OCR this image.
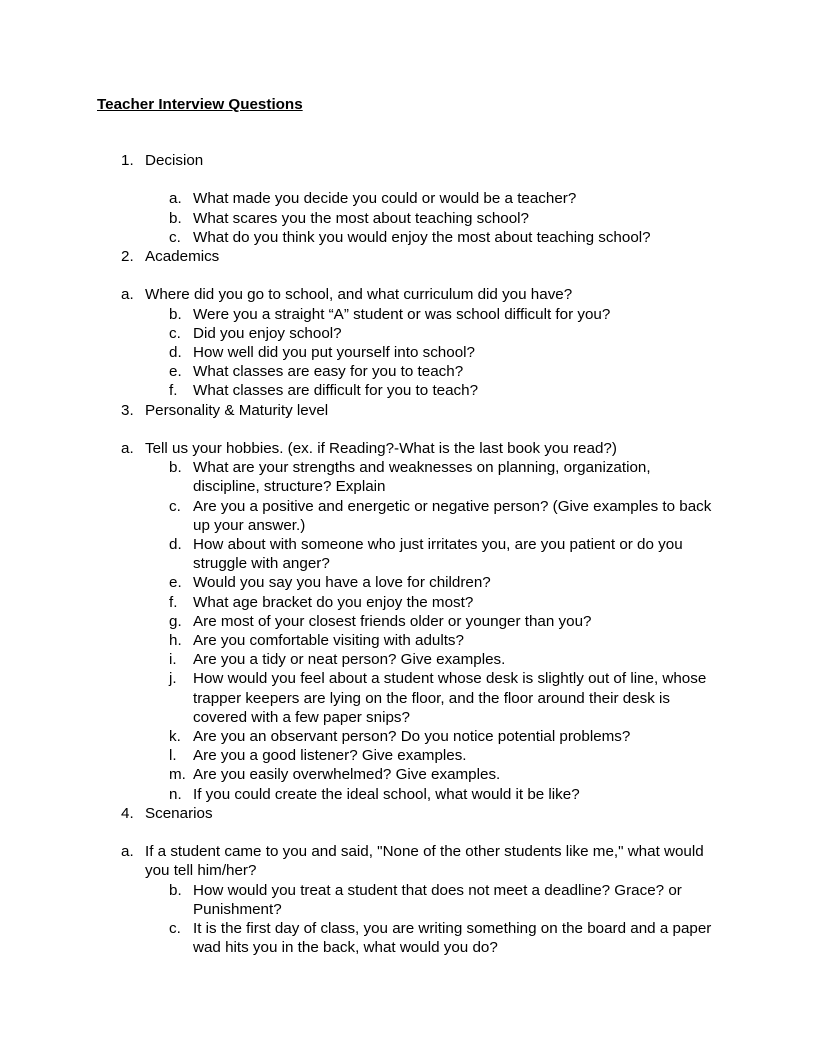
Teacher Interview Questions
1. Decision
a. What made you decide you could or would be a teacher?
b. What scares you the most about teaching school?
c. What do you think you would enjoy the most about teaching school?
2. Academics
a. Where did you go to school, and what curriculum did you have?
b. Were you a straight “A” student or was school difficult for you?
c. Did you enjoy school?
d. How well did you put yourself into school?
e. What classes are easy for you to teach?
f. What classes are difficult for you to teach?
3. Personality & Maturity level
a. Tell us your hobbies. (ex. if Reading?-What is the last book you read?)
b. What are your strengths and weaknesses on planning, organization, discipline, structure? Explain
c. Are you a positive and energetic or negative person? (Give examples to back up your answer.)
d. How about with someone who just irritates you, are you patient or do you struggle with anger?
e. Would you say you have a love for children?
f. What age bracket do you enjoy the most?
g. Are most of your closest friends older or younger than you?
h. Are you comfortable visiting with adults?
i. Are you a tidy or neat person? Give examples.
j. How would you feel about a student whose desk is slightly out of line, whose trapper keepers are lying on the floor, and the floor around their desk is covered with a few paper snips?
k. Are you an observant person? Do you notice potential problems?
l. Are you a good listener? Give examples.
m. Are you easily overwhelmed? Give examples.
n. If you could create the ideal school, what would it be like?
4. Scenarios
a. If a student came to you and said, "None of the other students like me," what would you tell him/her?
b. How would you treat a student that does not meet a deadline? Grace? or Punishment?
c. It is the first day of class, you are writing something on the board and a paper wad hits you in the back, what would you do?
